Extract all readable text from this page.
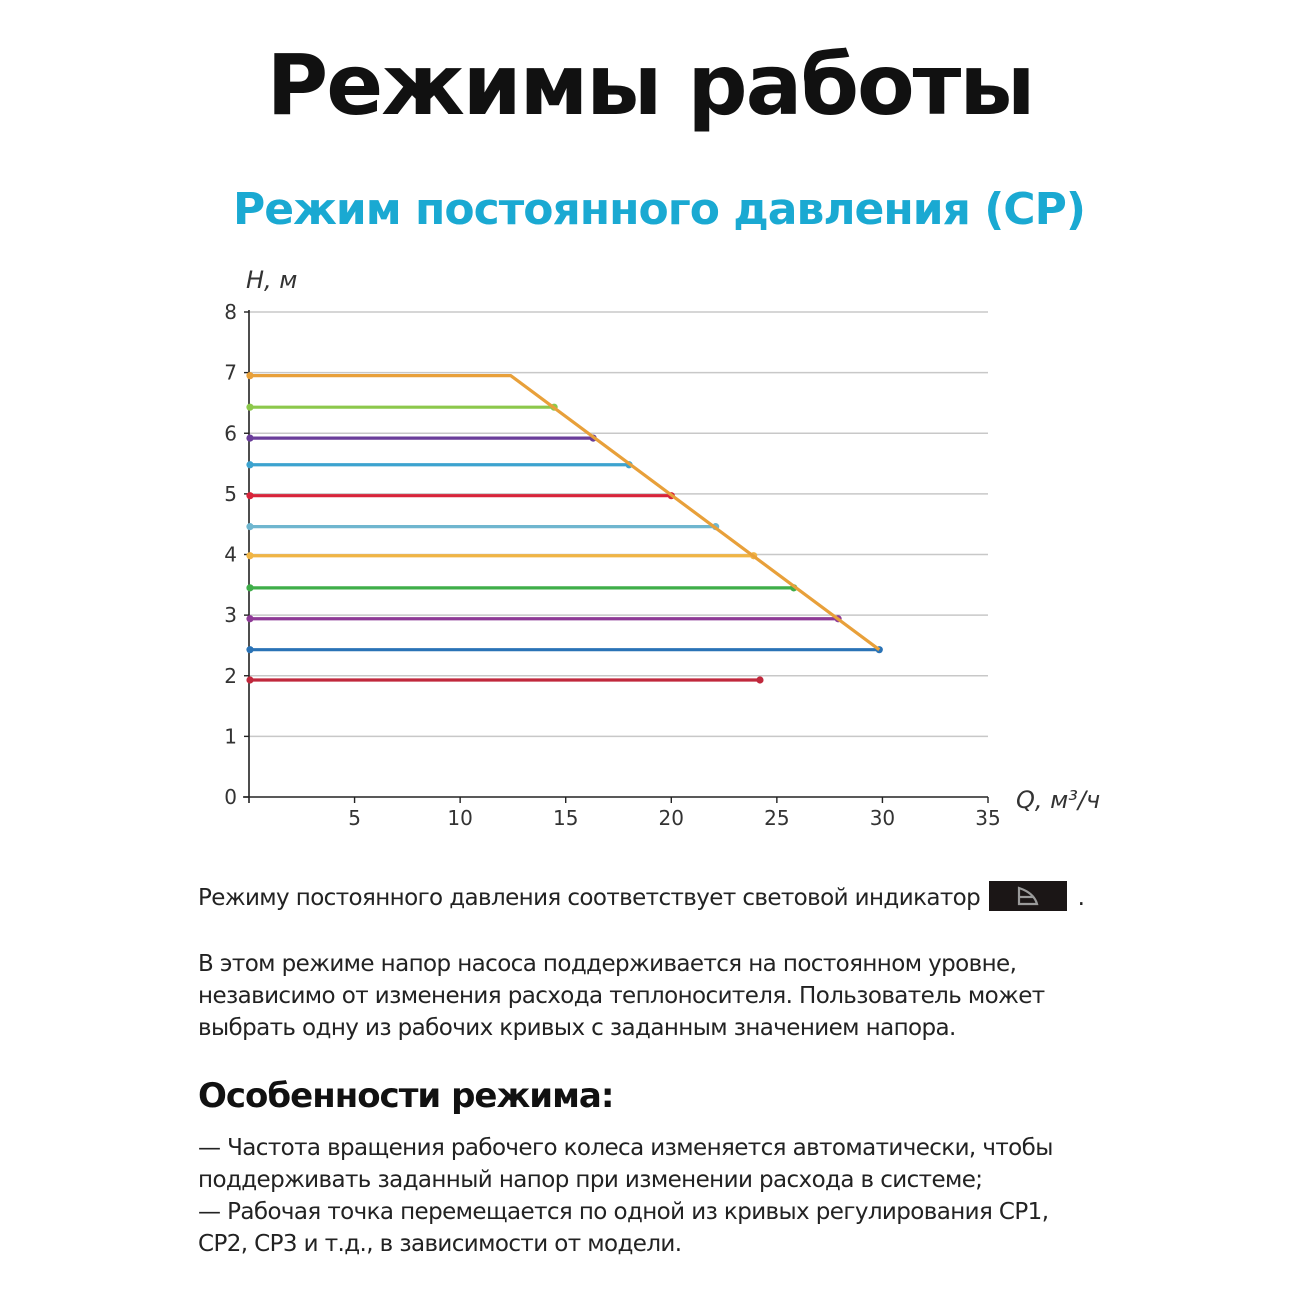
Режимы работы
Режим постоянного давления (CP)
0
1
2
3
4
5
6
7
8
5	10	15	20	25	30	35
H, м
Q, м³/ч
Режиму постоянного давления соответствует световой индикатор	.
В этом режиме напор насоса поддерживается на постоянном уровне,
независимо от изменения расхода теплоносителя. Пользователь может
выбрать одну из рабочих кривых с заданным значением напора.
Особенности режима:
— Частота вращения рабочего колеса изменяется автоматически, чтобы
поддерживать заданный напор при изменении расхода в системе;
— Рабочая точка перемещается по одной из кривых регулирования CP1,
CP2, CP3 и т.д., в зависимости от модели.
